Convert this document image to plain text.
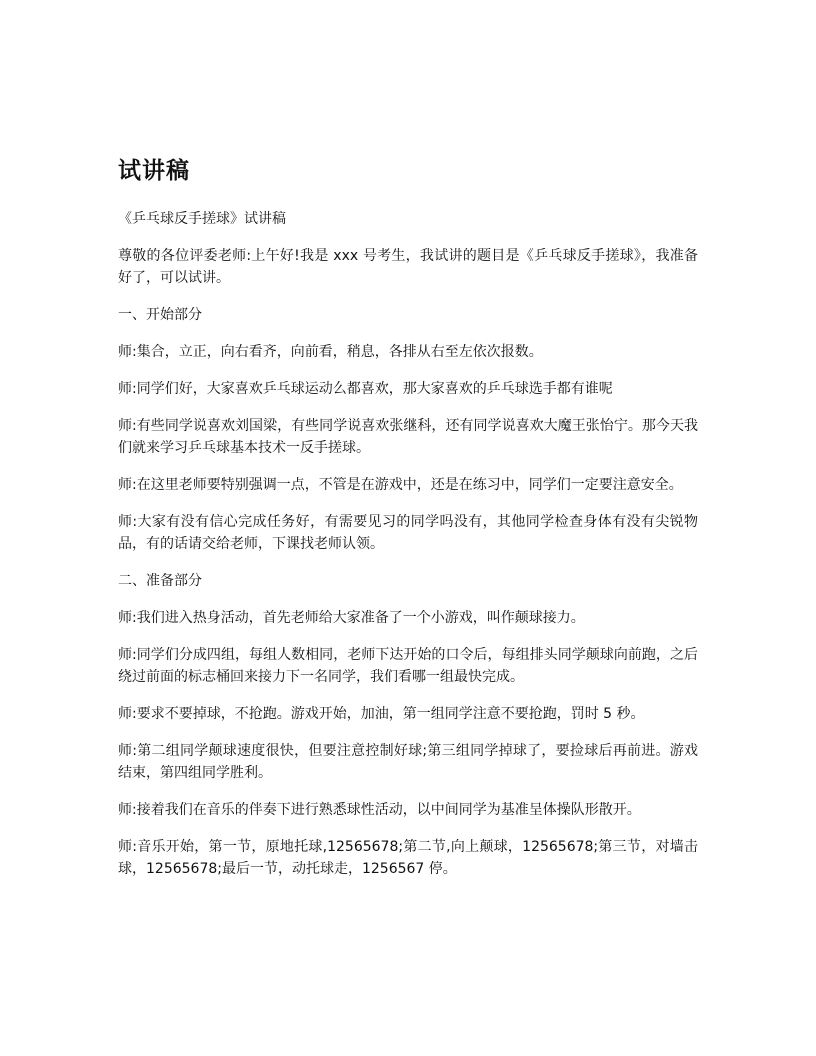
试讲稿

《乒乓球反手搓球》试讲稿

尊敬的各位评委老师:上午好!我是 xxx 号考生，我试讲的题目是《乒乓球反手搓球》，我准备好了，可以试讲。

一、开始部分

师:集合，立正，向右看齐，向前看，稍息，各排从右至左依次报数。

师:同学们好，大家喜欢乒乓球运动么都喜欢，那大家喜欢的乒乓球选手都有谁呢

师:有些同学说喜欢刘国梁，有些同学说喜欢张继科，还有同学说喜欢大魔王张怡宁。那今天我们就来学习乒乓球基本技术一反手搓球。

师:在这里老师要特别强调一点，不管是在游戏中，还是在练习中，同学们一定要注意安全。

师:大家有没有信心完成任务好，有需要见习的同学吗没有，其他同学检查身体有没有尖锐物品，有的话请交给老师，下课找老师认领。

二、准备部分

师:我们进入热身活动，首先老师给大家准备了一个小游戏，叫作颠球接力。

师:同学们分成四组，每组人数相同，老师下达开始的口令后，每组排头同学颠球向前跑，之后绕过前面的标志桶回来接力下一名同学，我们看哪一组最快完成。

师:要求不要掉球，不抢跑。游戏开始，加油，第一组同学注意不要抢跑，罚时 5 秒。

师:第二组同学颠球速度很快，但要注意控制好球;第三组同学掉球了，要捡球后再前进。游戏结束，第四组同学胜利。

师:接着我们在音乐的伴奏下进行熟悉球性活动，以中间同学为基准呈体操队形散开。

师:音乐开始，第一节，原地托球,12565678;第二节,向上颠球，12565678;第三节，对墙击球，12565678;最后一节，动托球走，1256567 停。
